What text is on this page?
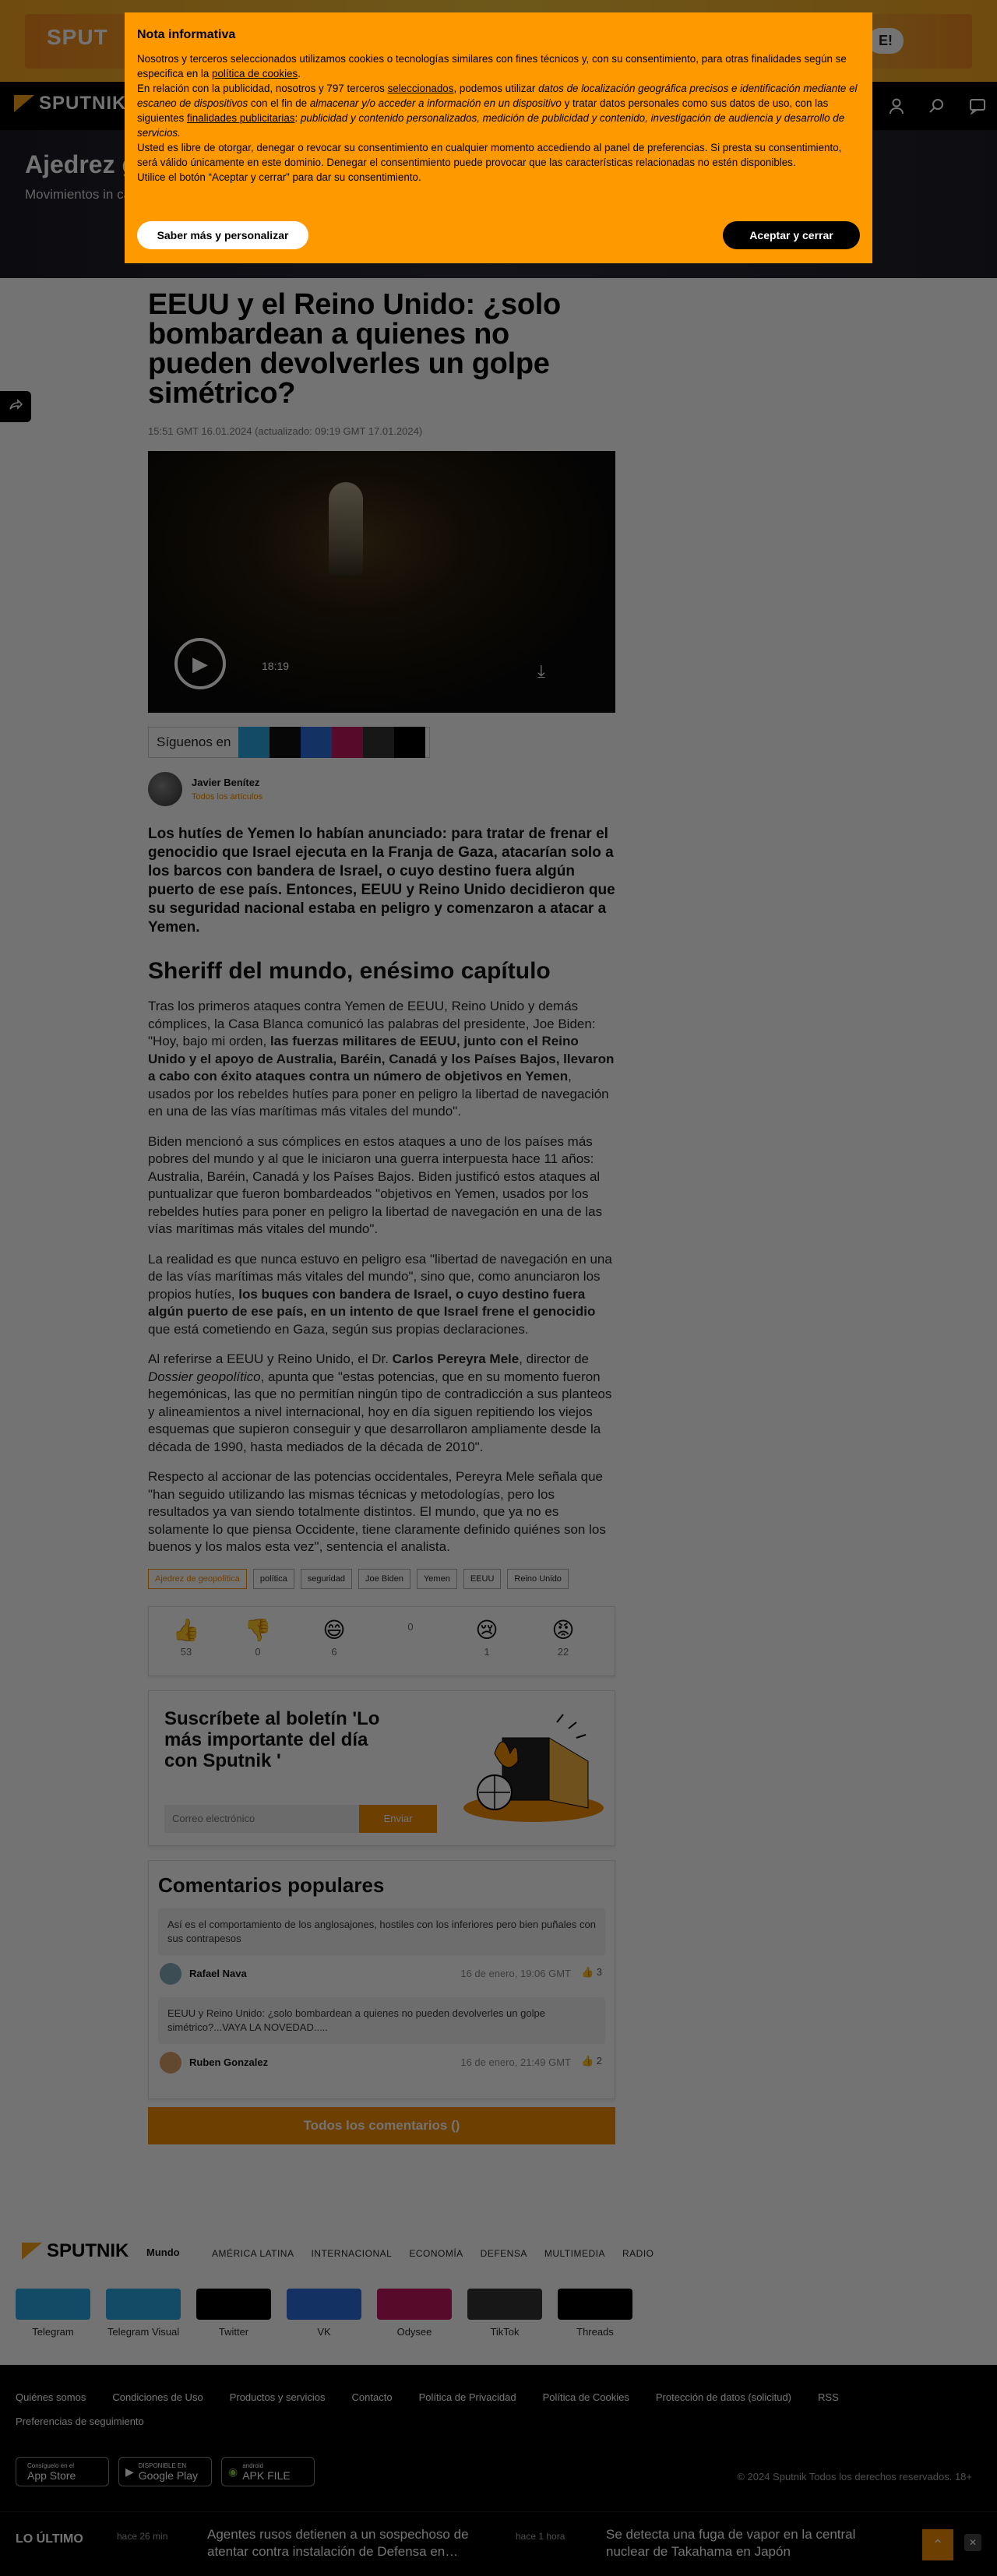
Correo electrónico
Nota informativa
Nosotros y terceros seleccionados utilizamos cookies o tecnologías similares con fines técnicos y, con su consentimiento, para otras finalidades según se especifica en la política de cookies.
En relación con la publicidad, nosotros y 797 terceros seleccionados, podemos utilizar datos de localización geográfica precisos e identificación mediante el escaneo de dispositivos con el fin de almacenar y/o acceder a información en un dispositivo y tratar datos personales como sus datos de uso, con las siguientes finalidades publicitarias: publicidad y contenido personalizados, medición de publicidad y contenido, investigación de audiencia y desarrollo de servicios.
Usted es libre de otorgar, denegar o revocar su consentimiento en cualquier momento accediendo al panel de preferencias. Si presta su consentimiento, será válido únicamente en este dominio. Denegar el consentimiento puede provocar que las características relacionadas no estén disponibles.
Utilice el botón “Aceptar y cerrar” para dar su consentimiento.
Saber más y personalizar	Aceptar y cerrar
